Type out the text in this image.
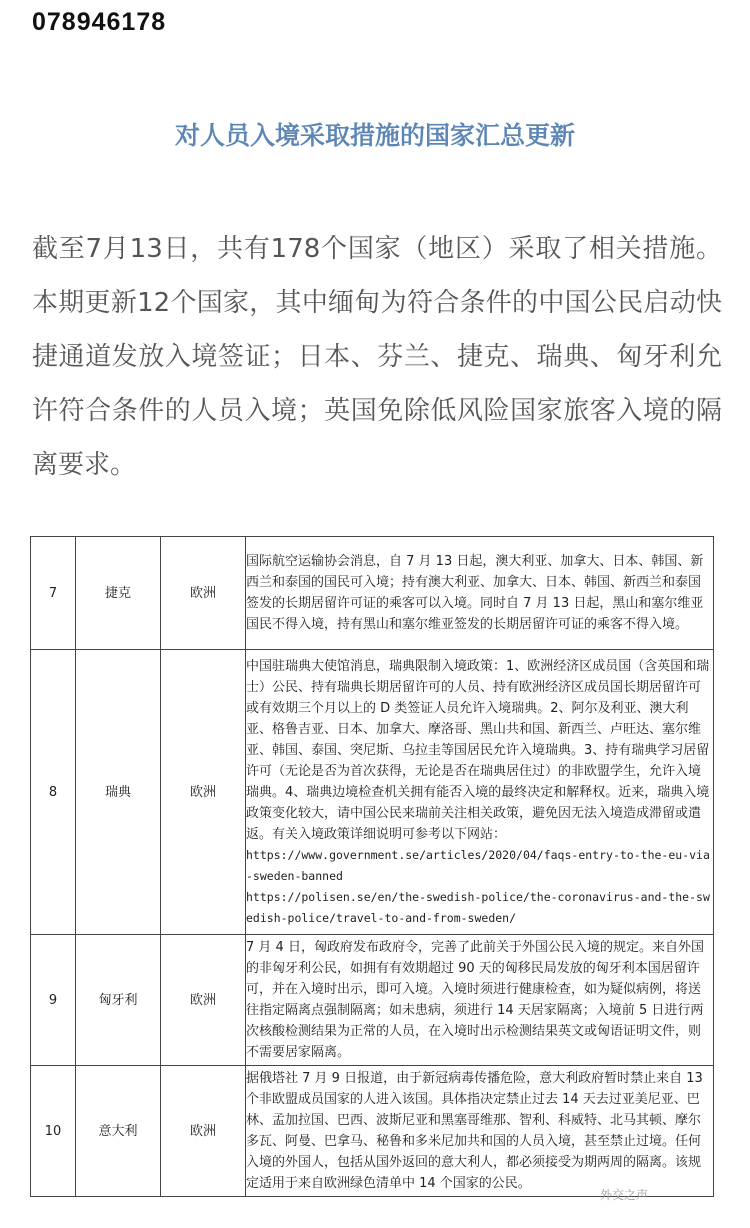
078946178
对人员入境采取措施的国家汇总更新
截至7月13日，共有178个国家（地区）采取了相关措施。本期更新12个国家，其中缅甸为符合条件的中国公民启动快捷通道发放入境签证；日本、芬兰、捷克、瑞典、匈牙利允许符合条件的人员入境；英国免除低风险国家旅客入境的隔离要求。
7	捷克	欧洲	国际航空运输协会消息，自 7 月 13 日起，澳大利亚、加拿大、日本、韩国、新西兰和泰国的国民可入境；持有澳大利亚、加拿大、日本、韩国、新西兰和泰国签发的长期居留许可证的乘客可以入境。同时自 7 月 13 日起，黑山和塞尔维亚国民不得入境，持有黑山和塞尔维亚签发的长期居留许可证的乘客不得入境。
8	瑞典	欧洲	中国驻瑞典大使馆消息，瑞典限制入境政策：1、欧洲经济区成员国（含英国和瑞士）公民、持有瑞典长期居留许可的人员、持有欧洲经济区成员国长期居留许可或有效期三个月以上的 D 类签证人员允许入境瑞典。2、阿尔及利亚、澳大利亚、格鲁吉亚、日本、加拿大、摩洛哥、黑山共和国、新西兰、卢旺达、塞尔维亚、韩国、泰国、突尼斯、乌拉圭等国居民允许入境瑞典。3、持有瑞典学习居留许可（无论是否为首次获得，无论是否在瑞典居住过）的非欧盟学生，允许入境瑞典。4、瑞典边境检查机关拥有能否入境的最终决定和解释权。近来，瑞典入境政策变化较大，请中国公民来瑞前关注相关政策，避免因无法入境造成滞留或遣返。有关入境政策详细说明可参考以下网站：
https://www.government.se/articles/2020/04/faqs-entry-to-the-eu-via-sweden-banned
https://polisen.se/en/the-swedish-police/the-coronavirus-and-the-swedish-police/travel-to-and-from-sweden/

9	匈牙利	欧洲	7 月 4 日，匈政府发布政府令，完善了此前关于外国公民入境的规定。来自外国的非匈牙利公民，如拥有有效期超过 90 天的匈移民局发放的匈牙利本国居留许可，并在入境时出示，即可入境。入境时须进行健康检查，如为疑似病例，将送往指定隔离点强制隔离；如未患病，须进行 14 天居家隔离；入境前 5 日进行两次核酸检测结果为正常的人员，在入境时出示检测结果英文或匈语证明文件，则不需要居家隔离。
10	意大利	欧洲	据俄塔社 7 月 9 日报道，由于新冠病毒传播危险，意大利政府暂时禁止来自 13 个非欧盟成员国家的人进入该国。具体指决定禁止过去 14 天去过亚美尼亚、巴林、孟加拉国、巴西、波斯尼亚和黑塞哥维那、智利、科威特、北马其顿、摩尔多瓦、阿曼、巴拿马、秘鲁和多米尼加共和国的人员入境，甚至禁止过境。任何入境的外国人，包括从国外返回的意大利人，都必须接受为期两周的隔离。该规定适用于来自欧洲绿色清单中 14 个国家的公民。
外交之声
